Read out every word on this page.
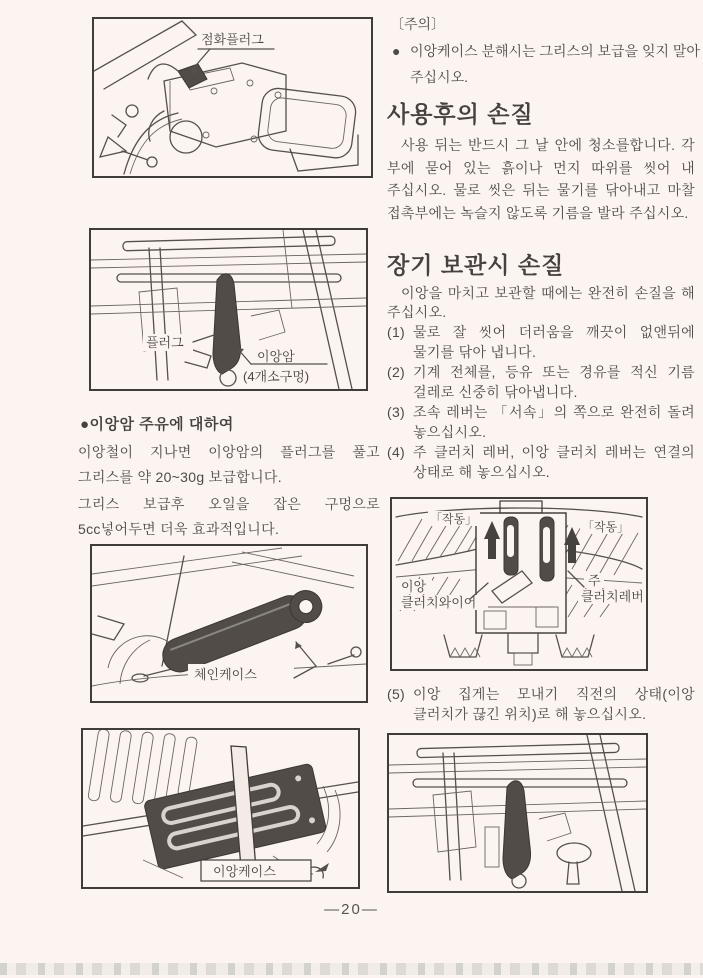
점화플러그
플러그
이앙암
(4개소구멍)
●이앙암 주유에 대하여

이앙철이 지나면 이앙암의 플러그를 풀고 그리스를 약 20~30g 보급합니다.

그리스 보급후 오일을 잡은 구멍으로 5cc넣어두면 더욱 효과적입니다.

체인케이스
이앙케이스
〔주의〕
● 이앙케이스 분해시는 그리스의 보급을 잊지 말아 주십시오.
사용후의 손질
사용 뒤는 반드시 그 날 안에 청소를합니다. 각 부에 묻어 있는 흙이나 먼지 따위를 씻어 내 주십시오. 물로 씻은 뒤는 물기를 닦아내고 마찰 접촉부에는 녹슬지 않도록 기름을 발라 주십시오.
장기 보관시 손질
이앙을 마치고 보관할 때에는 완전히 손질을 해 주십시오.
(1) 물로 잘 씻어 더러움을 깨끗이 없앤뒤에 물기를 닦아 냅니다.
(2) 기계 전체를, 등유 또는 경유를 적신 기름 걸레로 신중히 닦아냅니다.
(3) 조속 레버는 「서속」의 쪽으로 완전히 돌려 놓으십시오.
(4) 주 클러치 레버, 이앙 클러치 레버는 연결의 상태로 해 놓으십시오.
「작동」
「작동」
이앙
클러치와이어
주
클러치레버
(5) 이앙 집게는 모내기 직전의 상태(이앙 클러치가 끊긴 위치)로 해 놓으십시오.
—20—
